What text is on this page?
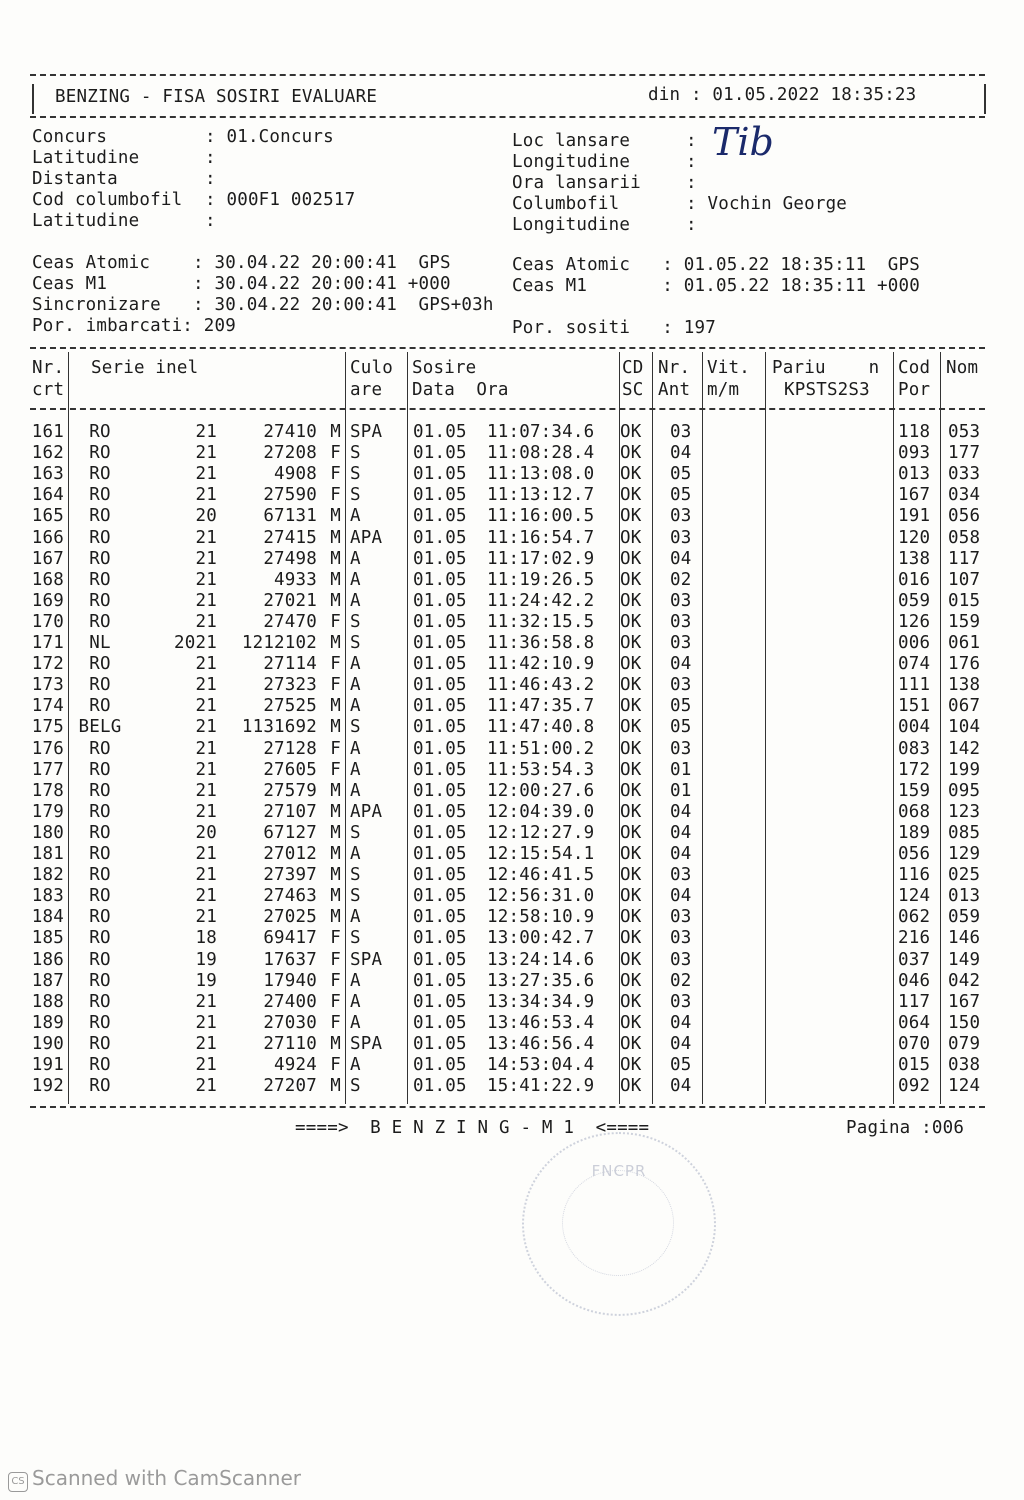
BENZING - FISA SOSIRI EVALUARE	din : 01.05.2022 18:35:23
Concurs	: 01.Concurs
Latitudine	:
Distanta	:
Cod columbofil : 000F1 002517
Latitudine	:
Loc lansare	:
Longitudine	:
Ora lansarii	:
Columbofil	: Vochin George
Longitudine	:
Tib
Ceas Atomic    : 30.04.22 20:00:41  GPS
Ceas M1        : 30.04.22 20:00:41 +000
Sincronizare   : 30.04.22 20:00:41  GPS+03h
Por. imbarcati: 209
Ceas Atomic   : 01.05.22 18:35:11  GPS
Ceas M1       : 01.05.22 18:35:11 +000
Por. sositi   : 197
Nr. Serie inel	Culo Sosire	CD Nr. Vit. Pariu    n Cod Nom
crt	are Data  Ora	SC Ant m/m	KPSTS2S3 Por
161	RO	21	27410 M SPA 01.05 11:07:34.6 OK 03	118 053
162	RO	21	27208 F S	01.05 11:08:28.4 OK 04	093 177
163	RO	21	4908 F S	01.05 11:13:08.0 OK 05	013 033
164	RO	21	27590 F S	01.05 11:13:12.7 OK 05	167 034
165	RO	20	67131 M A	01.05 11:16:00.5 OK 03	191 056
166	RO	21	27415 M APA 01.05 11:16:54.7 OK 03	120 058
167	RO	21	27498 M A	01.05 11:17:02.9 OK 04	138 117
168	RO	21	4933 M A	01.05 11:19:26.5 OK 02	016 107
169	RO	21	27021 M A	01.05 11:24:42.2 OK 03	059 015
170	RO	21	27470 F S	01.05 11:32:15.5 OK 03	126 159
171	NL	2021	1212102 M S	01.05 11:36:58.8 OK 03	006 061
172	RO	21	27114 F A	01.05 11:42:10.9 OK 04	074 176
173	RO	21	27323 F A	01.05 11:46:43.2 OK 03	111 138
174	RO	21	27525 M A	01.05 11:47:35.7 OK 05	151 067
175 BELG	21	1131692 M S	01.05 11:47:40.8 OK 05	004 104
176	RO	21	27128 F A	01.05 11:51:00.2 OK 03	083 142
177	RO	21	27605 F A	01.05 11:53:54.3 OK 01	172 199
178	RO	21	27579 M A	01.05 12:00:27.6 OK 01	159 095
179	RO	21	27107 M APA 01.05 12:04:39.0 OK 04	068 123
180	RO	20	67127 M S	01.05 12:12:27.9 OK 04	189 085
181	RO	21	27012 M A	01.05 12:15:54.1 OK 04	056 129
182	RO	21	27397 M S	01.05 12:46:41.5 OK 03	116 025
183	RO	21	27463 M S	01.05 12:56:31.0 OK 04	124 013
184	RO	21	27025 M A	01.05 12:58:10.9 OK 03	062 059
185	RO	18	69417 F S	01.05 13:00:42.7 OK 03	216 146
186	RO	19	17637 F SPA 01.05 13:24:14.6 OK 03	037 149
187	RO	19	17940 F A	01.05 13:27:35.6 OK 02	046 042
188	RO	21	27400 F A	01.05 13:34:34.9 OK 03	117 167
189	RO	21	27030 F A	01.05 13:46:53.4 OK 04	064 150
190	RO	21	27110 M SPA 01.05 13:46:56.4 OK 04	070 079
191	RO	21	4924 F A	01.05 14:53:04.4 OK 05	015 038
192	RO	21	27207 M S	01.05 15:41:22.9 OK 04	092 124
====>  B E N Z I N G - M 1  <====	Pagina :006
FNCPR
CS Scanned with CamScanner
